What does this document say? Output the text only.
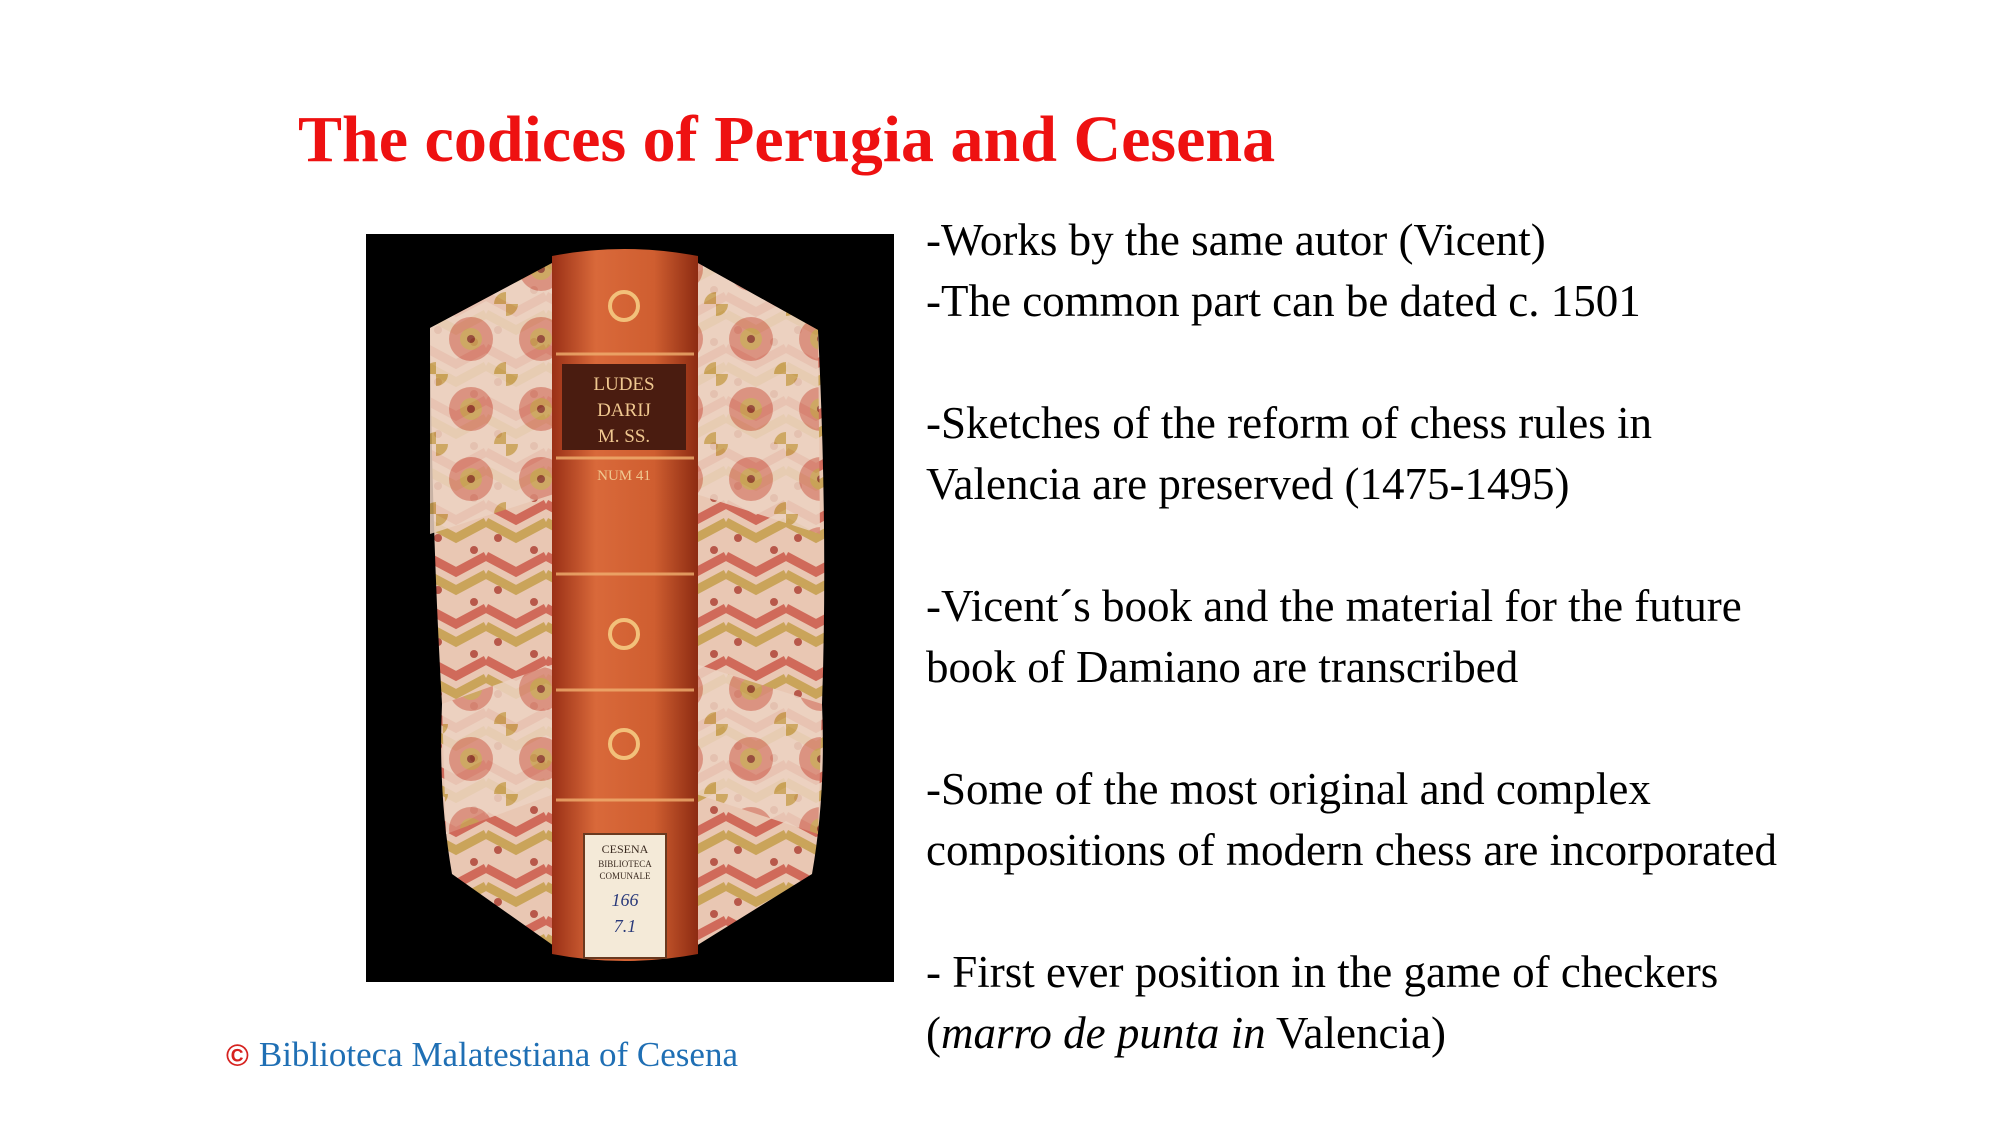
The codices of Perugia and Cesena
LUDES
DARIJ
M. SS.
NUM 41
CESENA
BIBLIOTECA
COMUNALE
166
7.1
© Biblioteca Malatestiana of Cesena
-Works by the same autor (Vicent)
-The common part can be dated c. 1501
-Sketches of the reform of chess rules in
Valencia are preserved (1475-1495)
-Vicent´s book and the material for the future
book of Damiano are transcribed
-Some of the most original and complex
compositions of modern chess are incorporated
- First ever position in the game of checkers
(marro de punta in Valencia)
